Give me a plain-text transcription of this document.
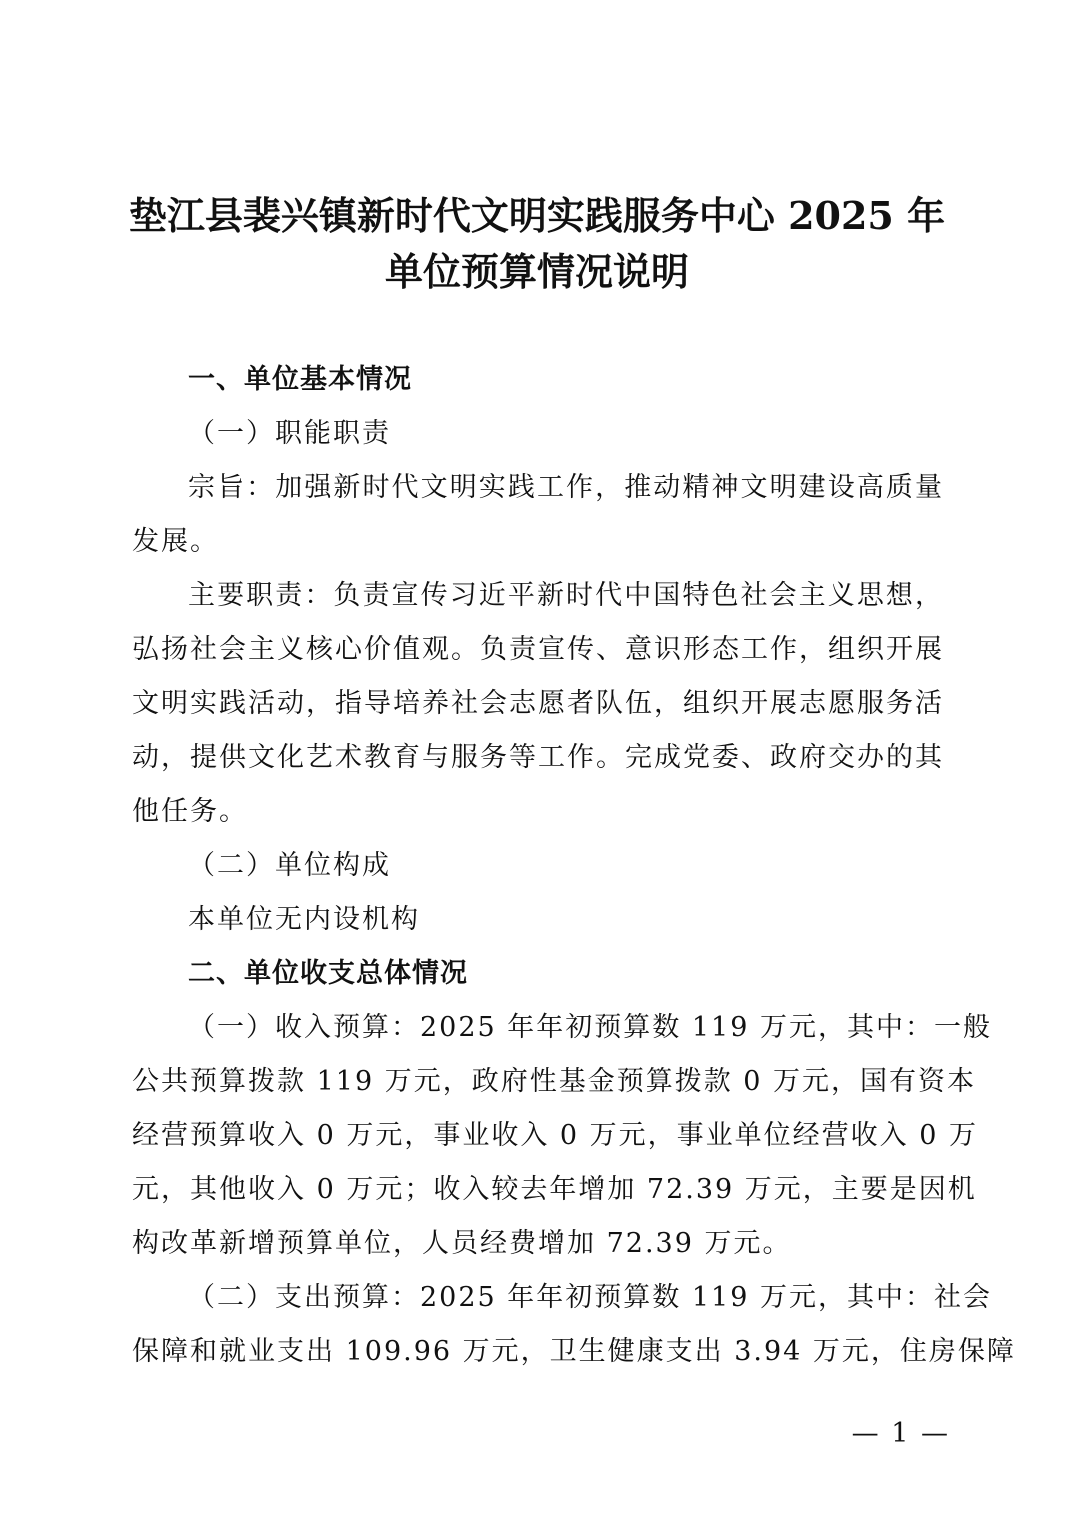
垫江县裴兴镇新时代文明实践服务中心 2025 年
单位预算情况说明
一、单位基本情况
（一）职能职责
宗旨：加强新时代文明实践工作，推动精神文明建设高质量
发展。
主要职责：负责宣传习近平新时代中国特色社会主义思想，
弘扬社会主义核心价值观。负责宣传、意识形态工作，组织开展
文明实践活动，指导培养社会志愿者队伍，组织开展志愿服务活
动，提供文化艺术教育与服务等工作。完成党委、政府交办的其
他任务。
（二）单位构成
本单位无内设机构
二、单位收支总体情况
（一）收入预算：2025 年年初预算数 119 万元，其中：一般
公共预算拨款 119 万元，政府性基金预算拨款 0 万元，国有资本
经营预算收入 0 万元，事业收入 0 万元，事业单位经营收入 0 万
元，其他收入 0 万元；收入较去年增加 72.39 万元，主要是因机
构改革新增预算单位，人员经费增加 72.39 万元。
（二）支出预算：2025 年年初预算数 119 万元，其中：社会
保障和就业支出 109.96 万元，卫生健康支出 3.94 万元，住房保障
— 1 —
